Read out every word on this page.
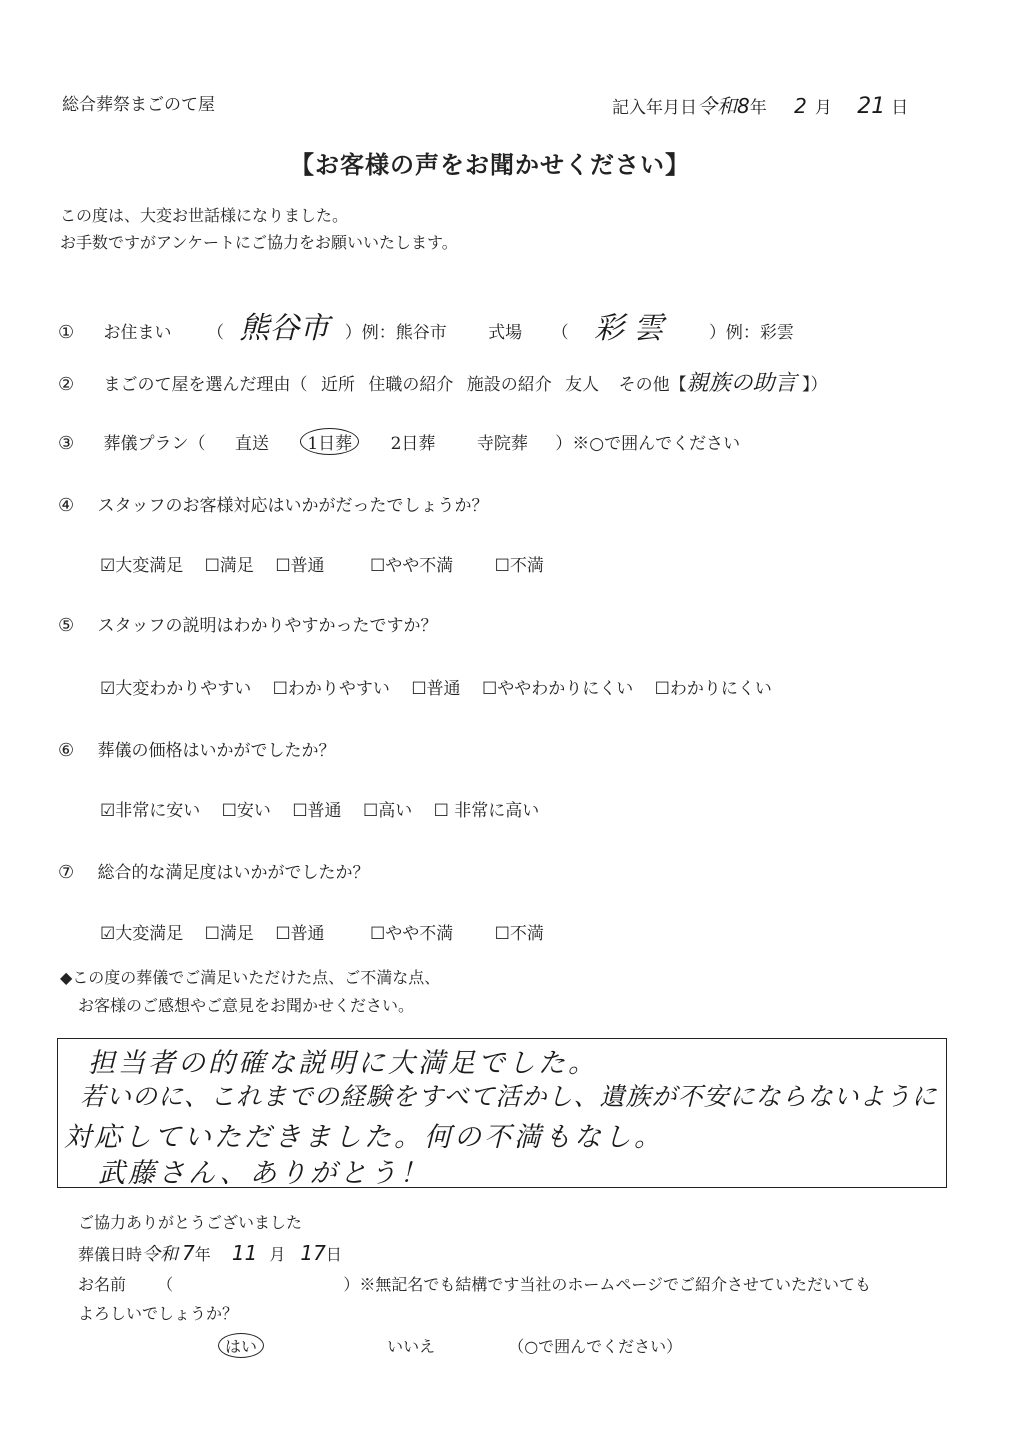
総合葬祭まごのて屋	記入年月日令和8年 2 月 21 日
【お客様の声をお聞かせください】
この度は、大変お世話様になりました。
お手数ですがアンケートにご協力をお願いいたします。
① お住まい （ 熊谷市 ）例：熊谷市 式場 （ 彩 雲	）例：彩雲
② まごのて屋を選んだ理由（ 近所 住職の紹介 施設の紹介 友人 その他【親族の助言 】）
③ 葬儀プラン（ 直送 1日葬 2日葬 寺院葬 ）※○で囲んでください
④ スタッフのお客様対応はいかがだったでしょうか？
☑大変満足 ☐満足 ☐普通	☐やや不満 ☐不満
⑤ スタッフの説明はわかりやすかったですか？
☑大変わかりやすい ☐わかりやすい ☐普通 ☐ややわかりにくい ☐わかりにくい
⑥ 葬儀の価格はいかがでしたか？
☑非常に安い ☐安い ☐普通 ☐高い ☐ 非常に高い
⑦ 総合的な満足度はいかがでしたか？
☑大変満足 ☐満足 ☐普通	☐やや不満 ☐不満
◆この度の葬儀でご満足いただけた点、ご不満な点、
お客様のご感想やご意見をお聞かせください。
担当者の的確な説明に大満足でした。
若いのに、これまでの経験をすべて活かし、遺族が不安にならないように
対応していただきました。何の不満もなし。
武藤さん、ありがとう！
ご協力ありがとうございました
葬儀日時令和 7年 11 月 17日
お名前 （	）※無記名でも結構です当社のホームページでご紹介させていただいても
よろしいでしょうか？
はい	いいえ	（○で囲んでください）
